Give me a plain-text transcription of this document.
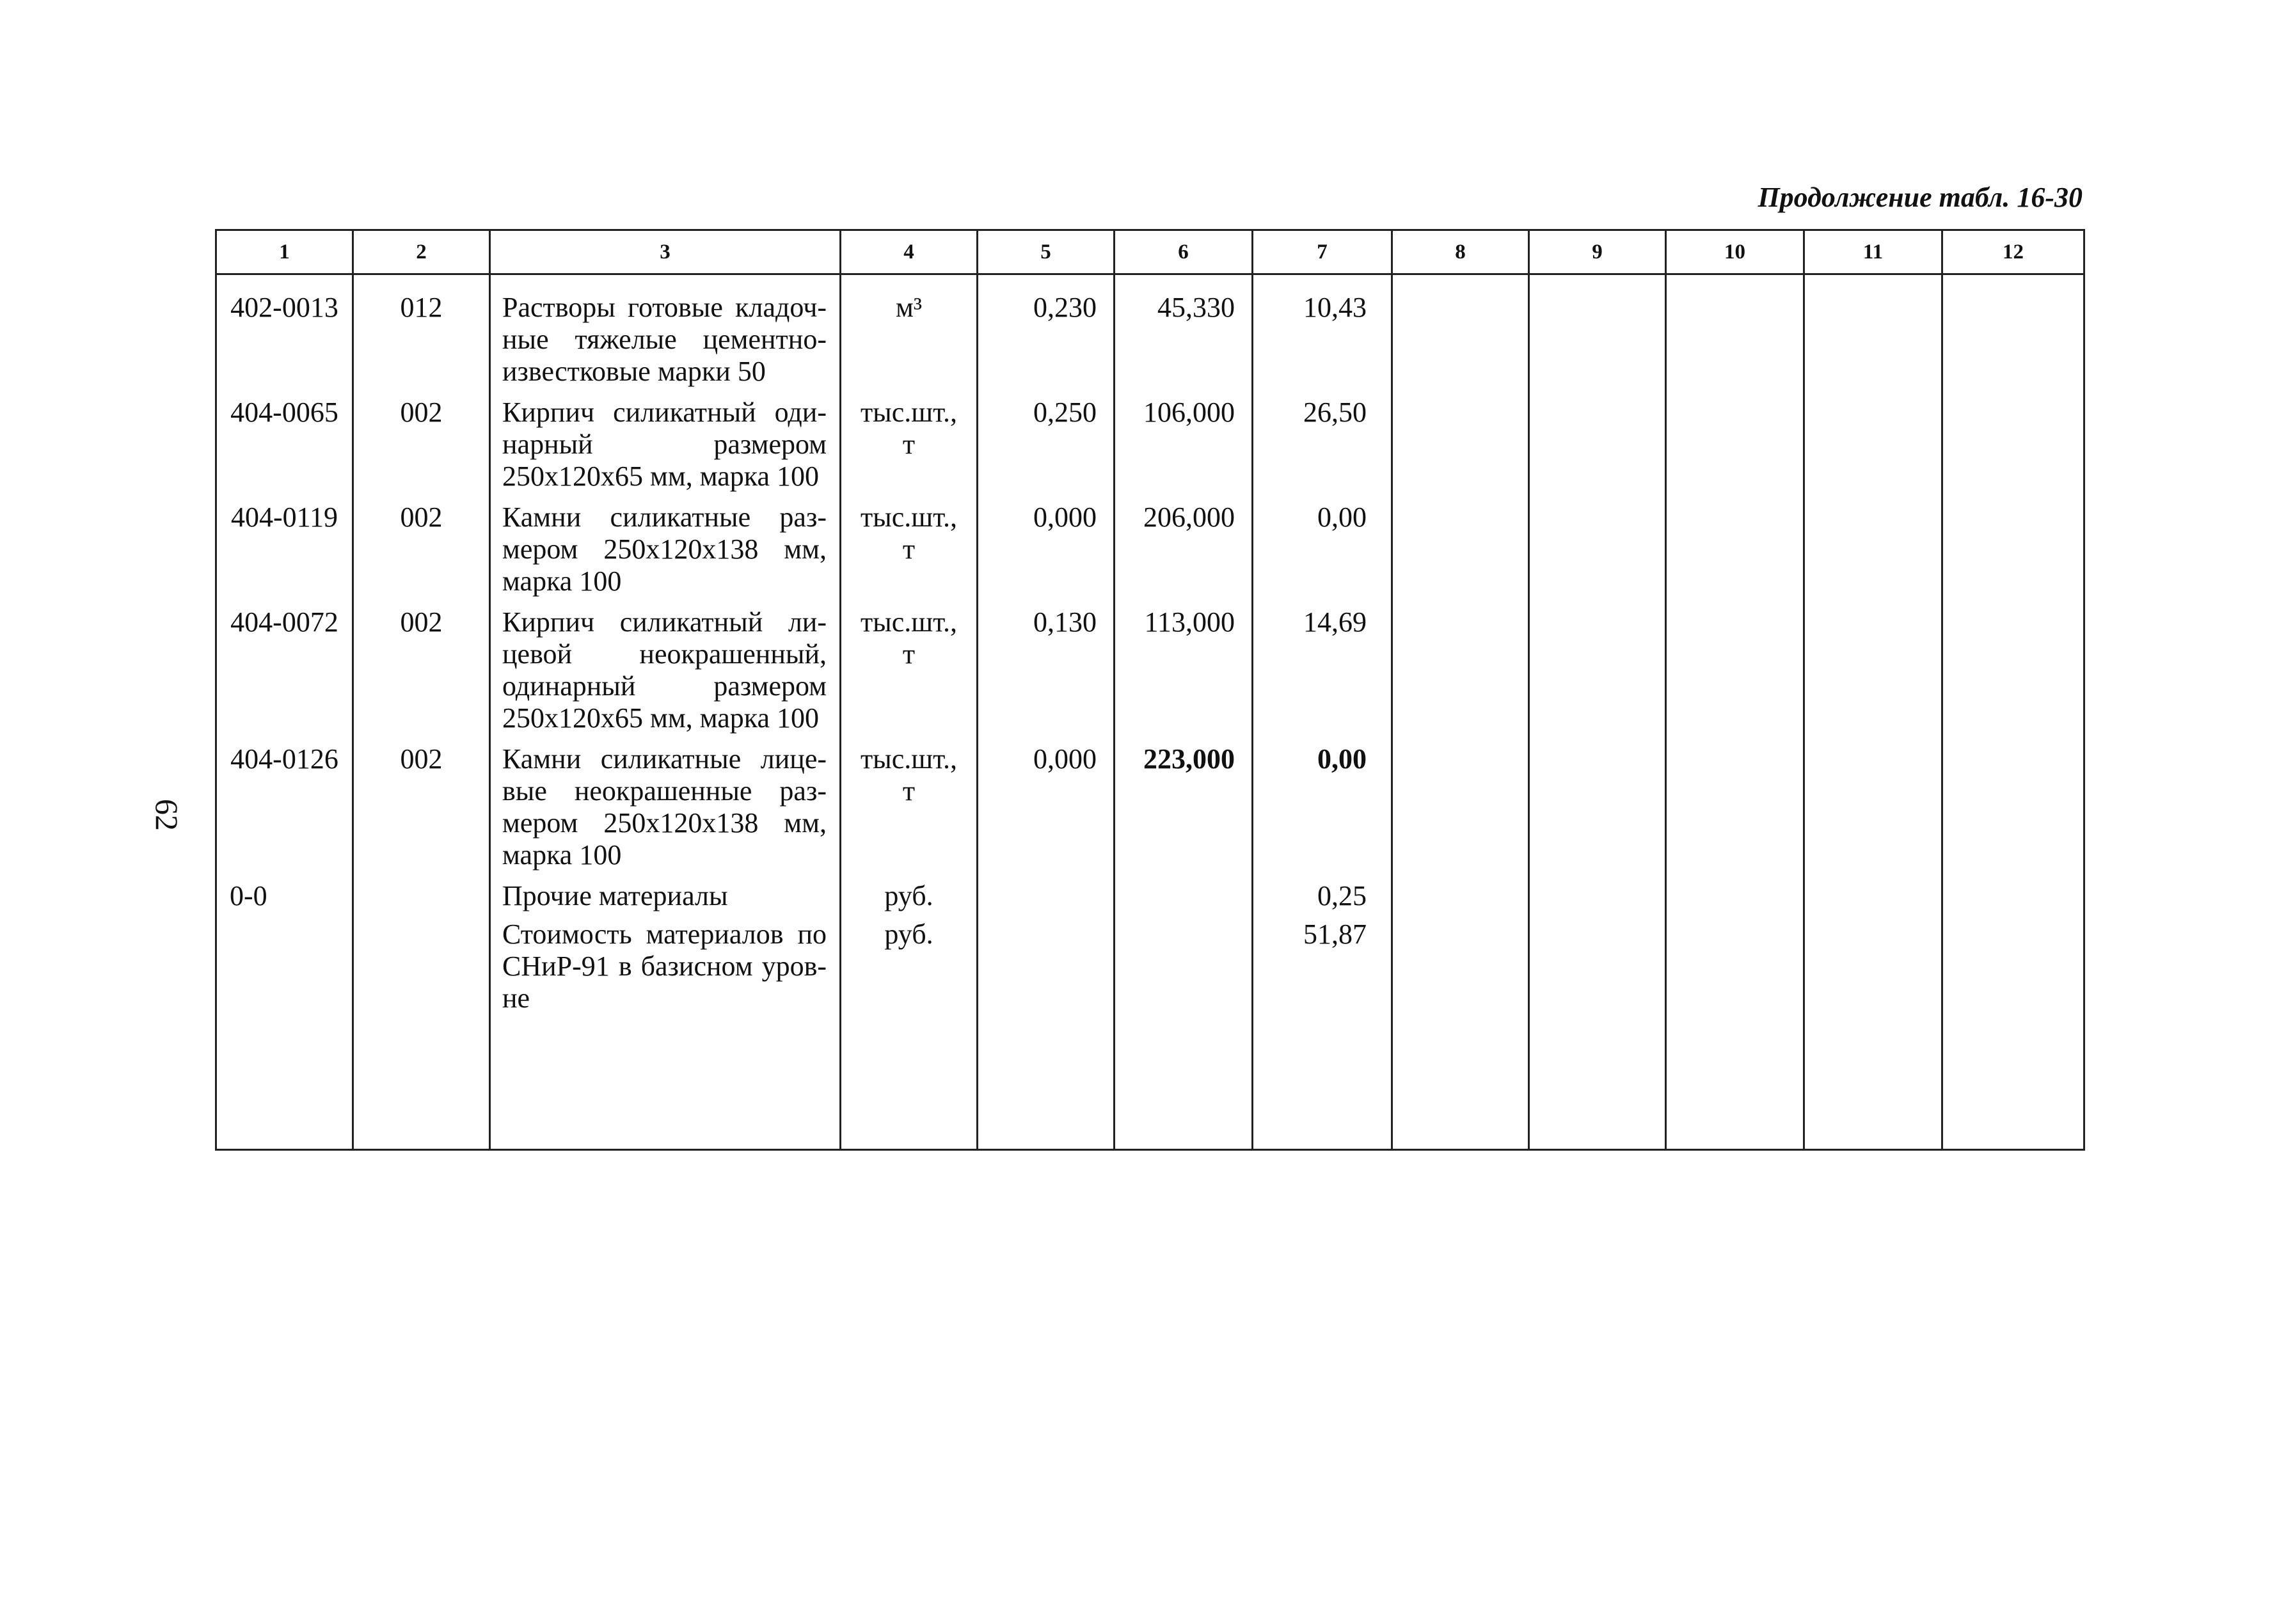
Продолжение табл. 16-30
62
1	2	3	4	5	6	7	8	9	10	11	12
402-0013	012	Растворы готовые кладоч-
ные тяжелые цементно-
известковые марки 50	м³	0,230	45,330	10,43					
404-0065	002	Кирпич силикатный оди-
нарный размером
250x120x65 мм, марка 100	тыс.шт.,
т	0,250	106,000	26,50					
404-0119	002	Камни силикатные раз-
мером 250x120x138 мм,
марка 100	тыс.шт.,
т	0,000	206,000	0,00					
404-0072	002	Кирпич силикатный ли-
цевой неокрашенный,
одинарный размером
250x120x65 мм, марка 100	тыс.шт.,
т	0,130	113,000	14,69					
404-0126	002	Камни силикатные лице-
вые неокрашенные раз-
мером 250x120x138 мм,
марка 100	тыс.шт.,
т	0,000	223,000	0,00					
0-0		Прочие материалы	руб.			0,25					

		Стоимость материалов по
СНиР-91 в базисном уров-
не	руб.			51,87					
